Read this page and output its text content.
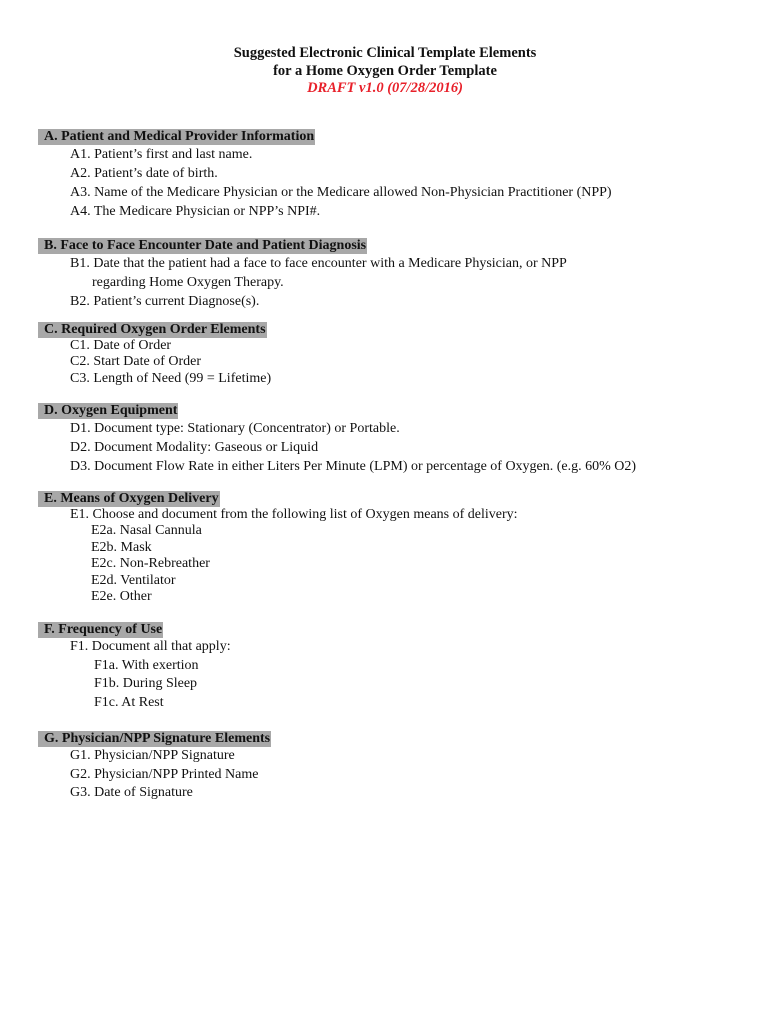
Suggested Electronic Clinical Template Elements
for a Home Oxygen Order Template
DRAFT v1.0 (07/28/2016)
A. Patient and Medical Provider Information

A1. Patient’s first and last name.

A2. Patient’s date of birth.

A3. Name of the Medicare Physician or the Medicare allowed Non-Physician Practitioner (NPP)

A4. The Medicare Physician or NPP’s NPI#.

B. Face to Face Encounter Date and Patient Diagnosis

B1. Date that the patient had a face to face encounter with a Medicare Physician, or NPP

regarding Home Oxygen Therapy.

B2. Patient’s current Diagnose(s).

C. Required Oxygen Order Elements

C1. Date of Order

C2. Start Date of Order

C3. Length of Need (99 = Lifetime)

D. Oxygen Equipment

D1. Document type: Stationary (Concentrator) or Portable.

D2. Document Modality: Gaseous or Liquid

D3. Document Flow Rate in either Liters Per Minute (LPM) or percentage of Oxygen. (e.g. 60% O2)

E. Means of Oxygen Delivery

E1. Choose and document from the following list of Oxygen means of delivery:

E2a. Nasal Cannula

E2b. Mask

E2c. Non-Rebreather

E2d. Ventilator

E2e. Other

F. Frequency of Use

F1. Document all that apply:

F1a. With exertion

F1b. During Sleep

F1c. At Rest

G. Physician/NPP Signature Elements

G1. Physician/NPP Signature

G2. Physician/NPP Printed Name

G3. Date of Signature
